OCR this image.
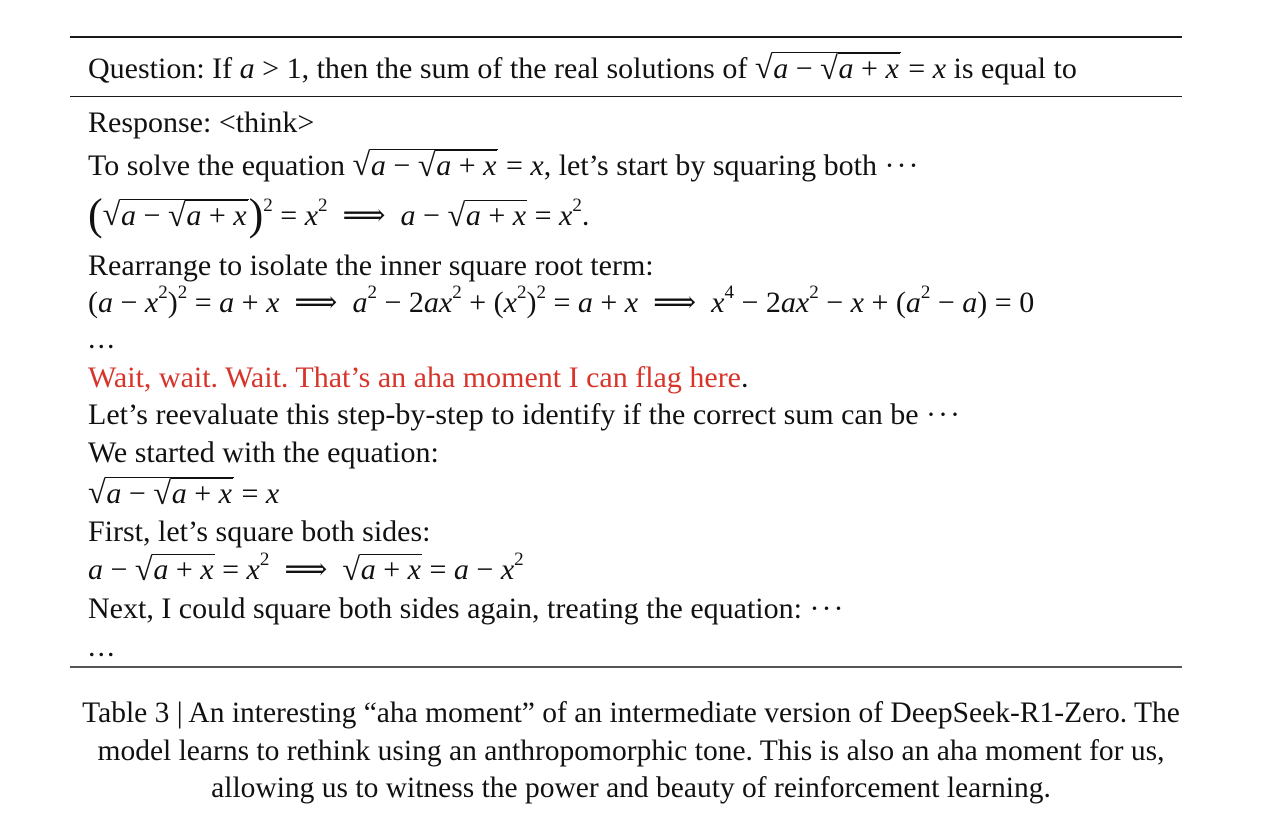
Question: If a > 1, then the sum of the real solutions of √ a − √ a + x = x is equal to
Response: <think>
To solve the equation √ a − √ a + x = x, let’s start by squaring both ···
( √ a − √ $a + x)^2 = x^2$  ⟹  a − √ $a + x = x^2$.
Rearrange to isolate the inner square root term:
$(a - x^2)^2 = a + x$  ⟹  $a^2 - 2ax^2 + (x^2)^2 = a + x$  ⟹  $x^4 - 2ax^2 - x + (a^2 - a) = 0$
...
Wait, wait. Wait. That’s an aha moment I can flag here.
Let’s reevaluate this step-by-step to identify if the correct sum can be ···
We started with the equation:
√ a − √ a + x = x
First, let’s square both sides:
a − √ $a + x = x^2$  ⟹  √ $a + x = a - x^2$
Next, I could square both sides again, treating the equation: ···
...
Table 3 | An interesting “aha moment” of an intermediate version of DeepSeek-R1-Zero. The
model learns to rethink using an anthropomorphic tone. This is also an aha moment for us,
allowing us to witness the power and beauty of reinforcement learning.
